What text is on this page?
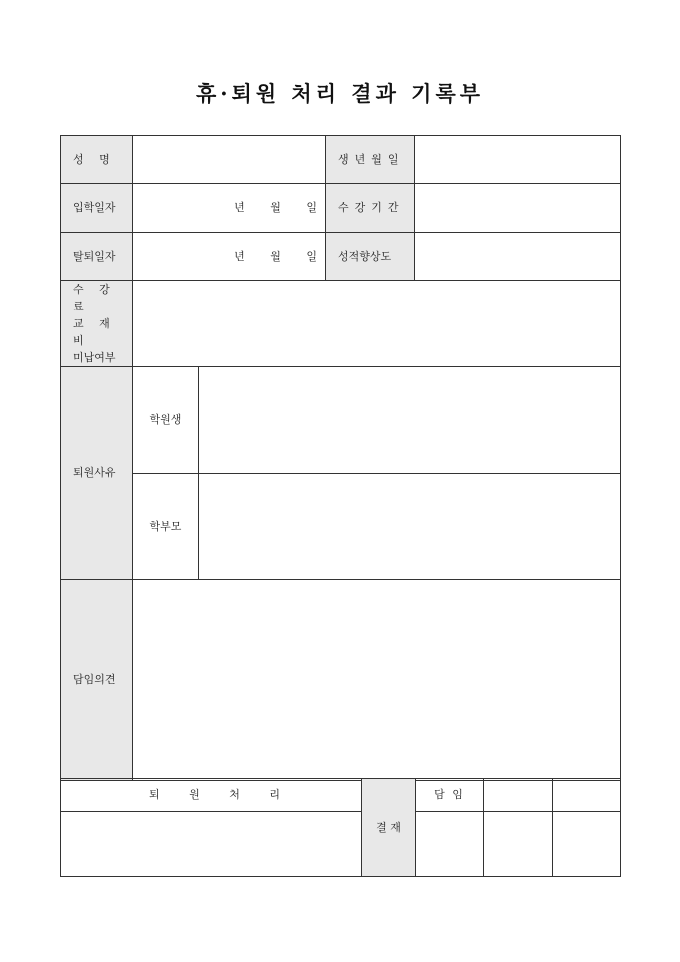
휴·퇴원 처리 결과 기록부
성 명			생년월일	
입학일자	년 월 일		수강기간	
탈퇴일자	년 월 일		성적향상도	

수 강 료
교 재 비
미납여부				

퇴원사유	학원생			
	학부모			
담임의견				
퇴 원 처 리	결 재	담 임		
